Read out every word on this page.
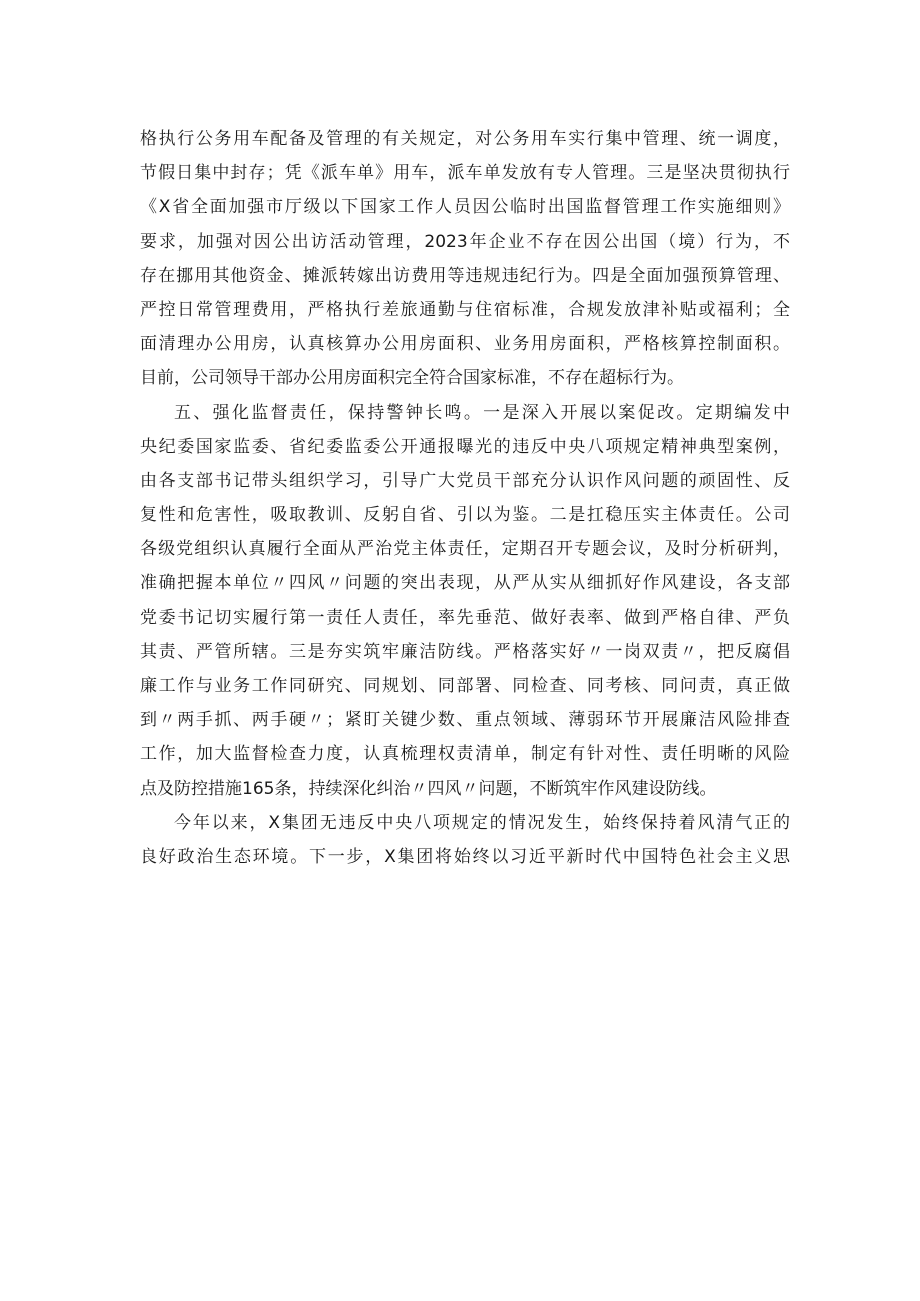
格执行公务用车配备及管理的有关规定，对公务用车实行集中管理、统一调度，
节假日集中封存；凭《派车单》用车，派车单发放有专人管理。三是坚决贯彻执行
《X省全面加强市厅级以下国家工作人员因公临时出国监督管理工作实施细则》
要求，加强对因公出访活动管理，2023年企业不存在因公出国（境）行为，不
存在挪用其他资金、摊派转嫁出访费用等违规违纪行为。四是全面加强预算管理、
严控日常管理费用，严格执行差旅通勤与住宿标准，合规发放津补贴或福利；全
面清理办公用房，认真核算办公用房面积、业务用房面积，严格核算控制面积。
目前，公司领导干部办公用房面积完全符合国家标准，不存在超标行为。
五、强化监督责任，保持警钟长鸣。一是深入开展以案促改。定期编发中
央纪委国家监委、省纪委监委公开通报曝光的违反中央八项规定精神典型案例，
由各支部书记带头组织学习，引导广大党员干部充分认识作风问题的顽固性、反
复性和危害性，吸取教训、反躬自省、引以为鉴。二是扛稳压实主体责任。公司
各级党组织认真履行全面从严治党主体责任，定期召开专题会议，及时分析研判，
准确把握本单位〃四风〃问题的突出表现，从严从实从细抓好作风建设，各支部
党委书记切实履行第一责任人责任，率先垂范、做好表率、做到严格自律、严负
其责、严管所辖。三是夯实筑牢廉洁防线。严格落实好〃一岗双责〃，把反腐倡
廉工作与业务工作同研究、同规划、同部署、同检查、同考核、同问责，真正做
到〃两手抓、两手硬〃；紧盯关键少数、重点领域、薄弱环节开展廉洁风险排查
工作，加大监督检查力度，认真梳理权责清单，制定有针对性、责任明晰的风险
点及防控措施165条，持续深化纠治〃四风〃问题，不断筑牢作风建设防线。
今年以来，X集团无违反中央八项规定的情况发生，始终保持着风清气正的
良好政治生态环境。下一步，X集团将始终以习近平新时代中国特色社会主义思
